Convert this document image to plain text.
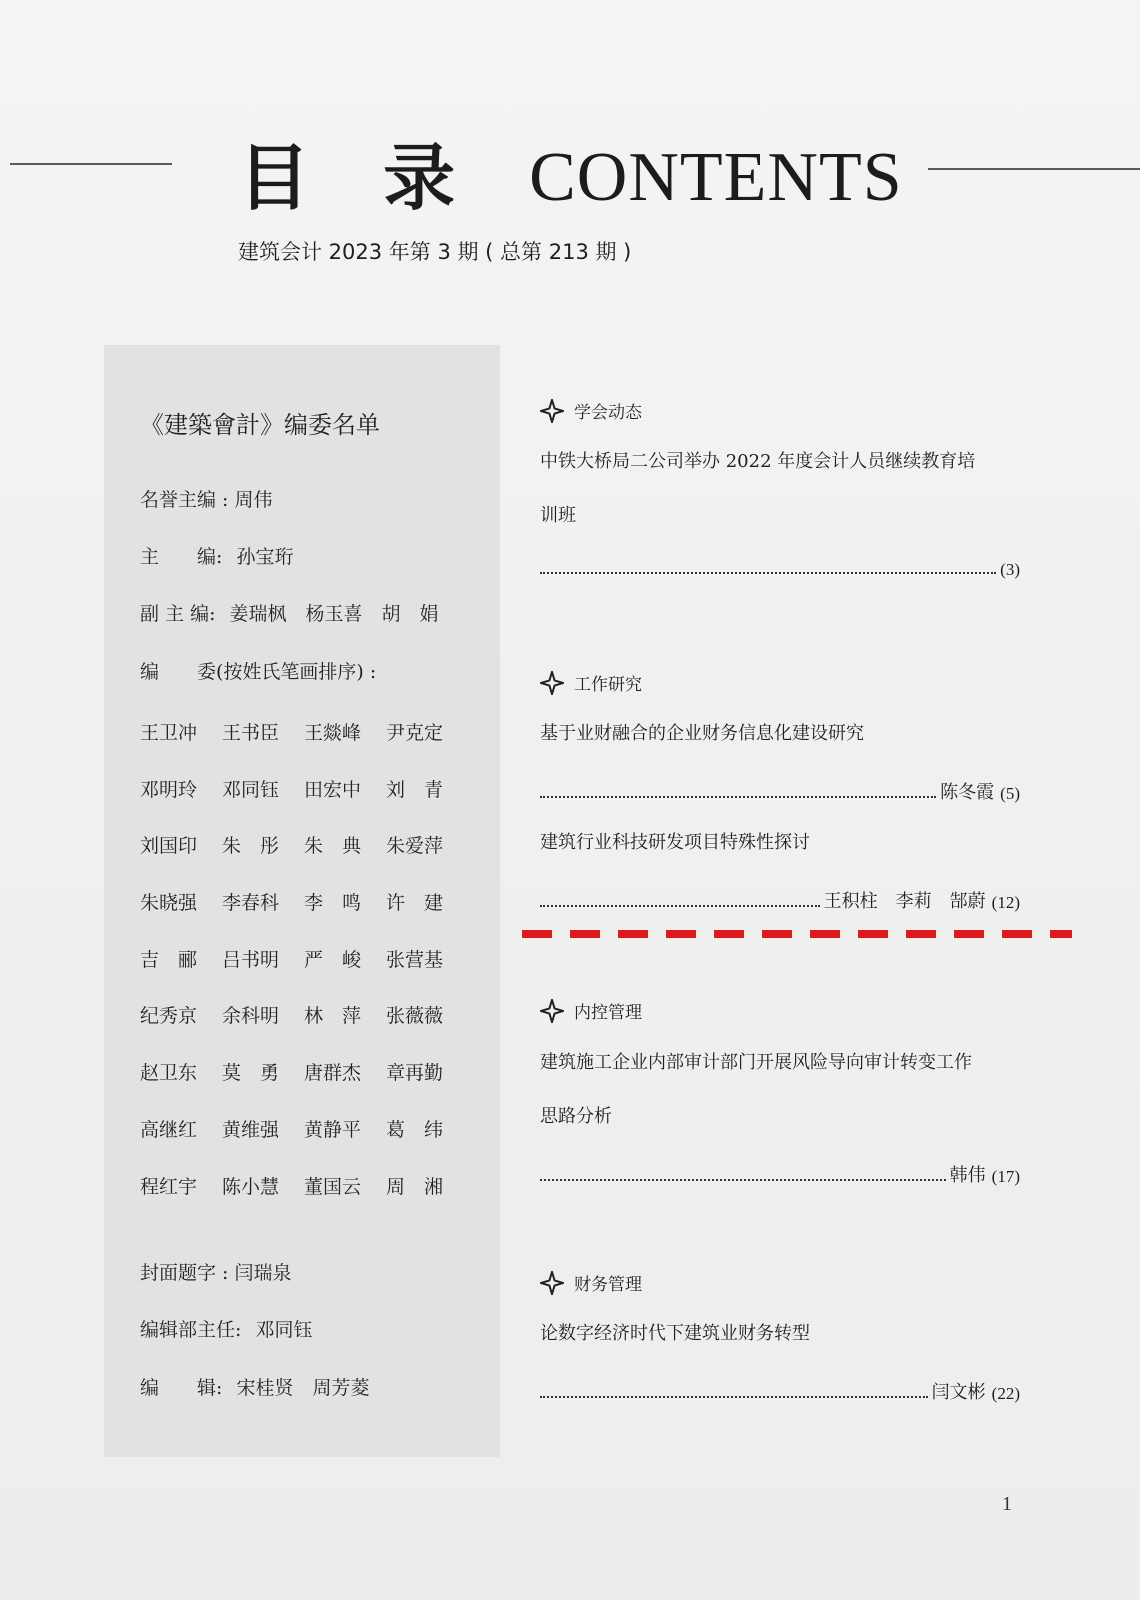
目 录 CONTENTS
建筑会计 2023 年第 3 期 ( 总第 213 期 )
《建築會計》编委名单
名誉主编 : 周伟
主　　编: 孙宝珩
副 主 编: 姜瑞枫　杨玉喜　胡　娟
编　　委(按姓氏笔画排序) :
王卫冲	王书臣	王燚峰	尹克定
邓明玲	邓同钰	田宏中	刘　青
刘国印	朱　彤	朱　典	朱爱萍
朱晓强	李春科	李　鸣	许　建
吉　郦	吕书明	严　峻	张营基
纪秀京	余科明	林　萍	张薇薇
赵卫东	莫　勇	唐群杰	章再勤
高继红	黄维强	黄静平	葛　纬
程红宇	陈小慧	董国云	周　湘
封面题字 : 闫瑞泉
编辑部主任: 邓同钰
编　　辑: 宋桂贤　周芳菱
学会动态
中铁大桥局二公司举办 2022 年度会计人员继续教育培
训班
(3)
工作研究
基于业财融合的企业财务信息化建设研究
陈冬霞 (5)
建筑行业科技研发项目特殊性探讨
王积柱　李莉　郜蔚 (12)
内控管理
建筑施工企业内部审计部门开展风险导向审计转变工作
思路分析
韩伟 (17)
财务管理
论数字经济时代下建筑业财务转型
闫文彬 (22)
1
